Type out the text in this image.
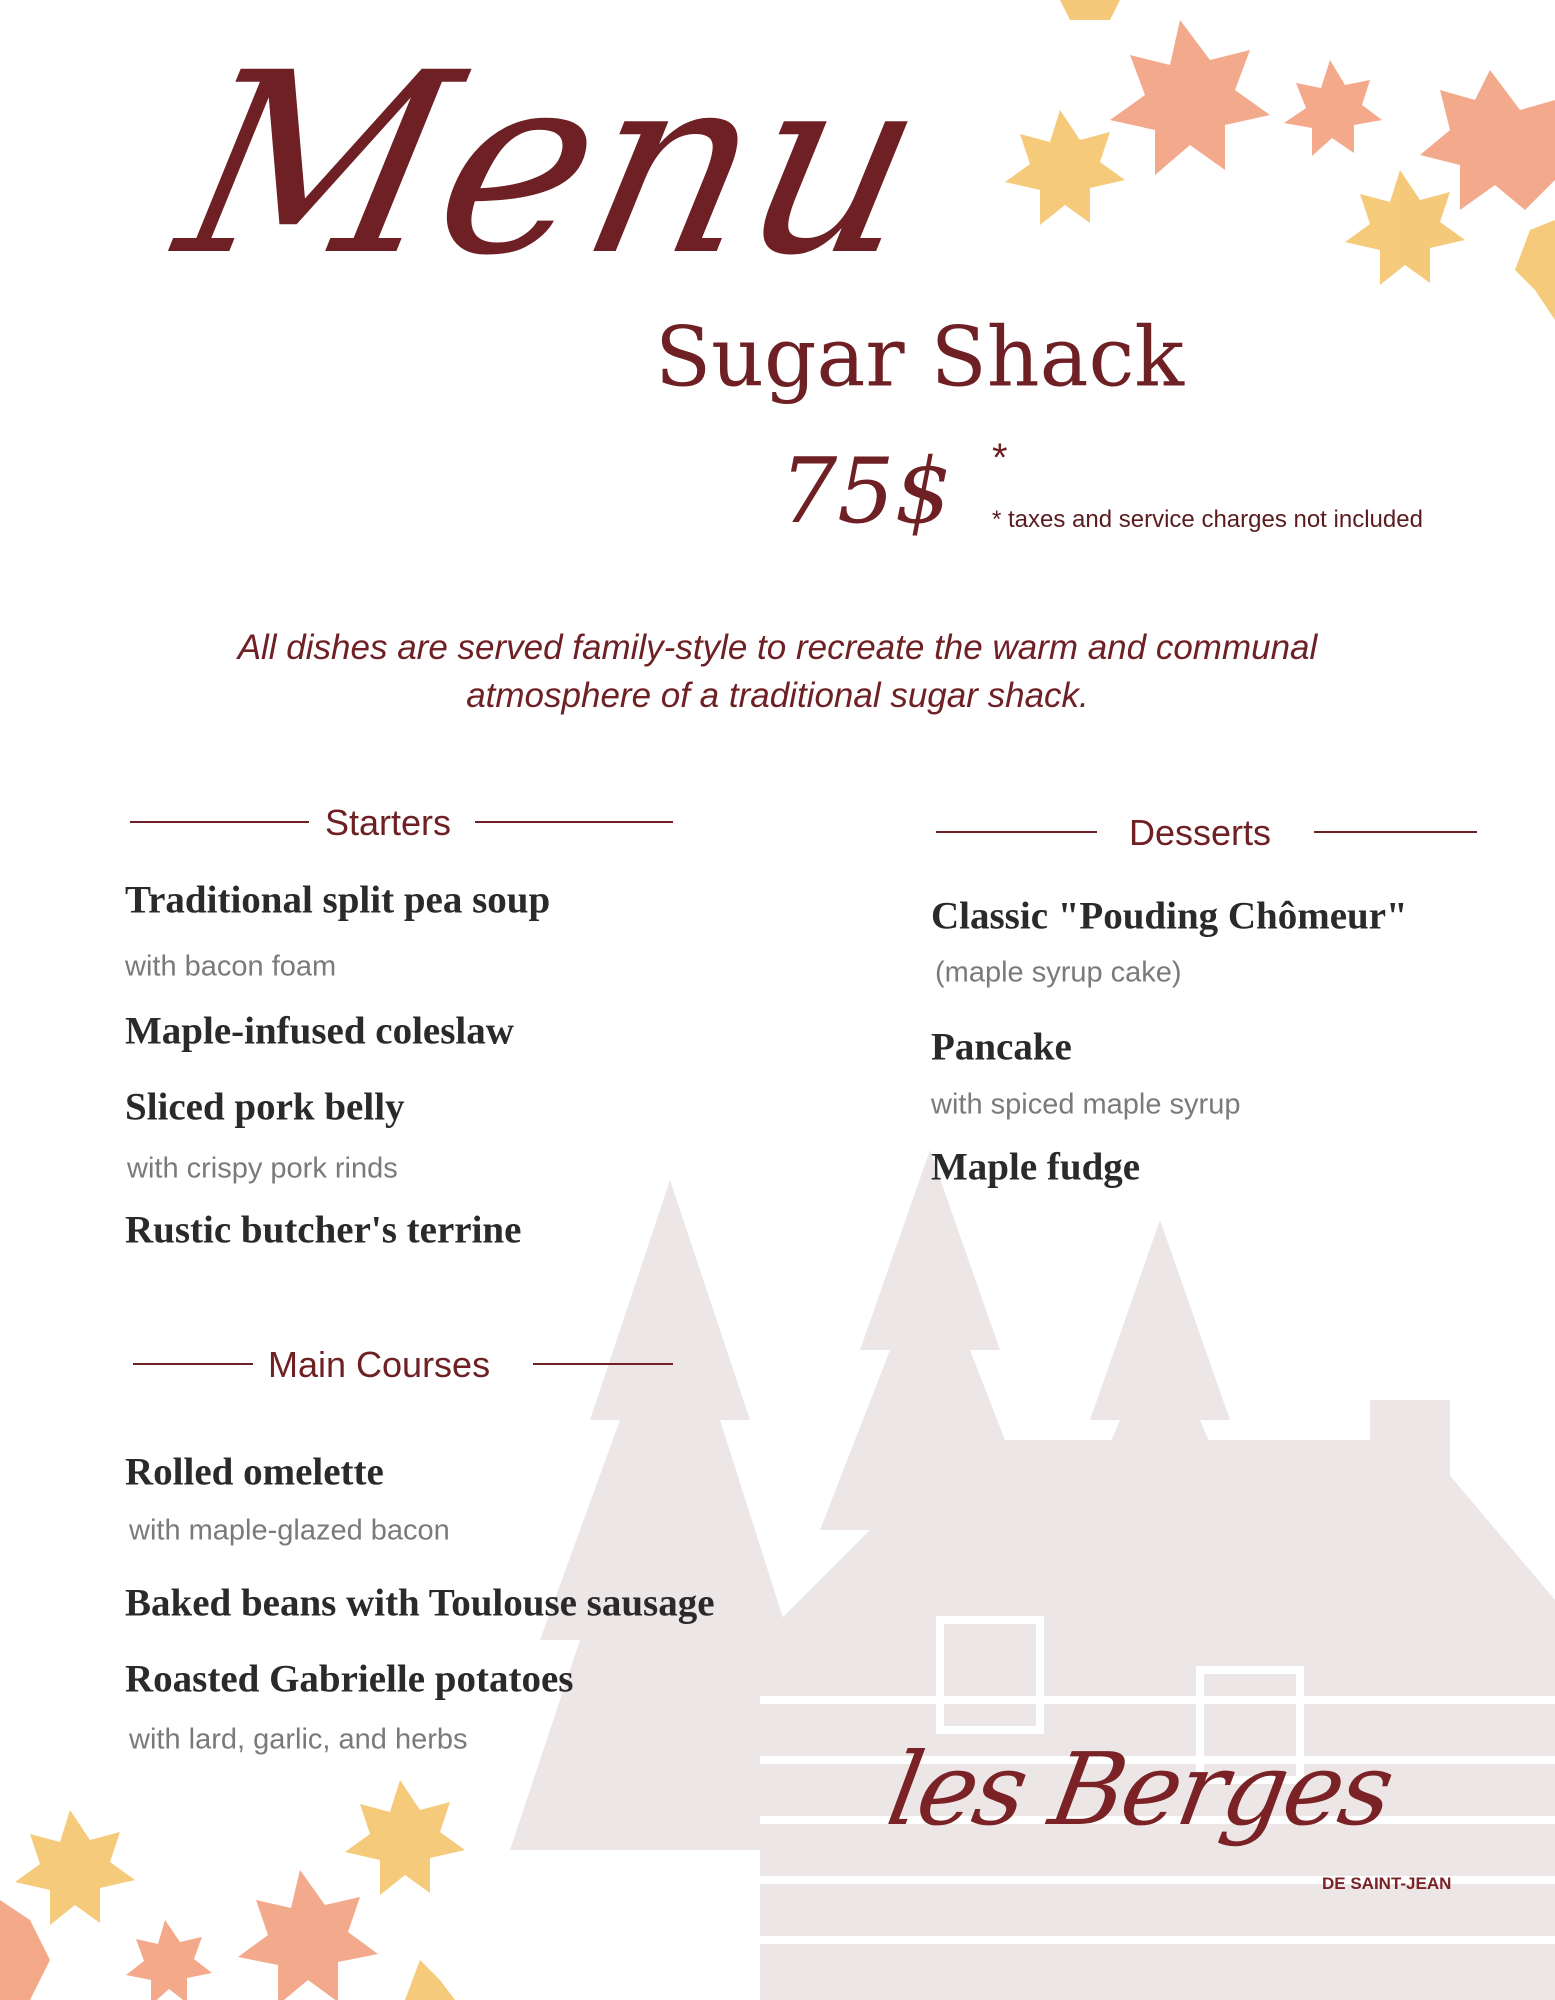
Menu
Sugar Shack
75$ *
* taxes and service charges not included
All dishes are served family-style to recreate the warm and communal
atmosphere of a traditional sugar shack.
Starters
Traditional split pea soup
with bacon foam
Maple-infused coleslaw
Sliced pork belly
with crispy pork rinds
Rustic butcher's terrine
Main Courses
Rolled omelette
with maple-glazed bacon
Baked beans with Toulouse sausage
Roasted Gabrielle potatoes
with lard, garlic, and herbs
Desserts
Classic "Pouding Chômeur"
(maple syrup cake)
Pancake
with spiced maple syrup
Maple fudge
les Berges
DE SAINT-JEAN
